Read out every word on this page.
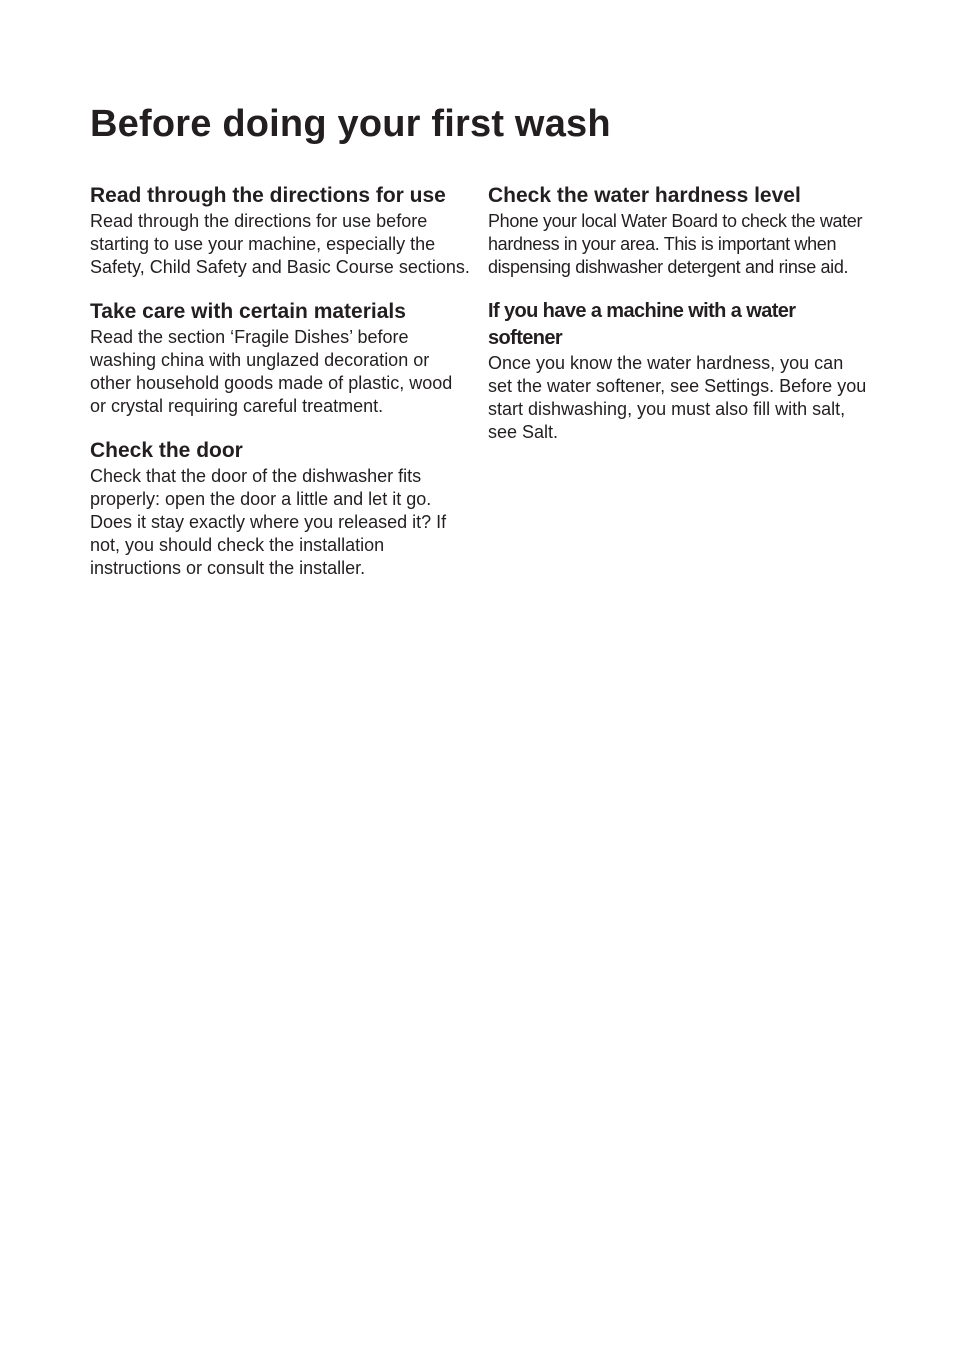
Before doing your first wash
Read through the directions for use

Read through the directions for use before starting to use your machine, especially the Safety, Child Safety and Basic Course sections.

Take care with certain materials

Read the section ‘Fragile Dishes’ before washing china with unglazed decoration or other household goods made of plastic, wood or crystal requiring careful treatment.

Check the door

Check that the door of the dishwasher fits properly: open the door a little and let it go. Does it stay exactly where you released it? If not, you should check the installation instructions or consult the installer.

Check the water hardness level

Phone your local Water Board to check the water hardness in your area. This is important when dispensing dishwasher detergent and rinse aid.

If you have a machine with a water softener

Once you know the water hardness, you can set the water softener, see Settings. Before you start dishwashing, you must also fill with salt, see Salt.
